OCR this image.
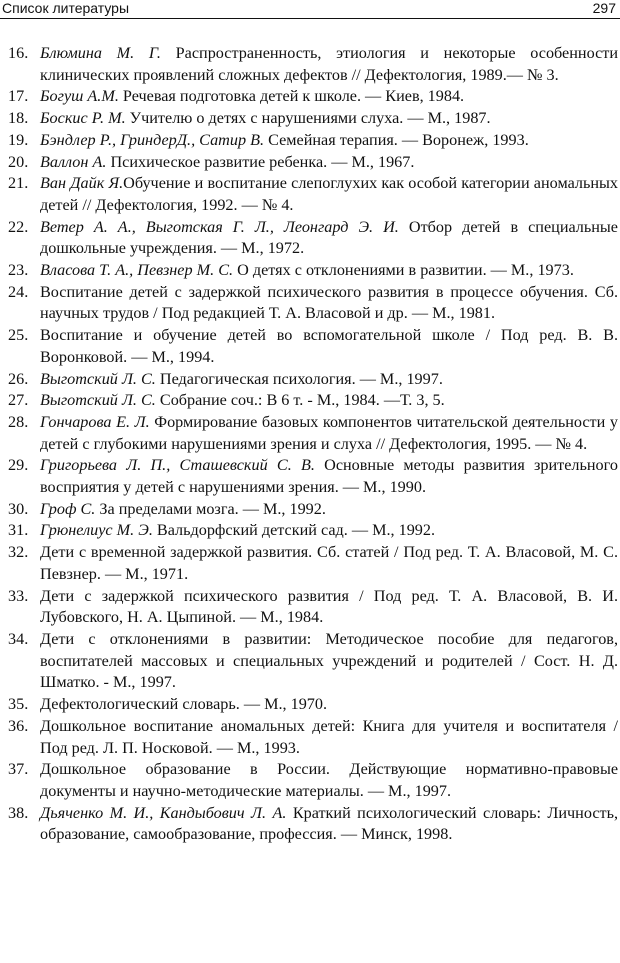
Список литературы	297
16. Блюмина М. Г. Распространенность, этиология и некоторые особенности клинических проявлений сложных дефектов // Дефектология, 1989.— № 3.
17. Богуш А.М. Речевая подготовка детей к школе. — Киев, 1984.
18. Боскис Р. М. Учителю о детях с нарушениями слуха. — М., 1987.
19. Бэндлер Р., ГриндерД., Сатир В. Семейная терапия. — Воронеж, 1993.
20. Валлон А. Психическое развитие ребенка. — М., 1967.
21. Ван Дайк Я.Обучение и воспитание слепоглухих как особой категории аномальных детей // Дефектология, 1992. — № 4.
22. Ветер А. А., Выготская Г. Л., Леонгард Э. И. Отбор детей в специальные дошкольные учреждения. — М., 1972.
23. Власова Т. А., Певзнер М. С. О детях с отклонениями в развитии. — М., 1973.
24. Воспитание детей с задержкой психического развития в процессе обучения. Сб. научных трудов / Под редакцией Т. А. Власовой и др. — М., 1981.
25. Воспитание и обучение детей во вспомогательной школе / Под ред. В. В. Воронковой. — М., 1994.
26. Выготский Л. С. Педагогическая психология. — М., 1997.
27. Выготский Л. С. Собрание соч.: В 6 т. - М., 1984. —Т. 3, 5.
28. Гончарова Е. Л. Формирование базовых компонентов читательской деятельности у детей с глубокими нарушениями зрения и слуха // Дефектология, 1995. — № 4.
29. Григорьева Л. П., Сташевский С. В. Основные методы развития зрительного восприятия у детей с нарушениями зрения. — М., 1990.
30. Гроф С. За пределами мозга. — М., 1992.
31. Грюнелиус М. Э. Вальдорфский детский сад. — М., 1992.
32. Дети с временной задержкой развития. Сб. статей / Под ред. Т. А. Власовой, М. С. Певзнер. — М., 1971.
33. Дети с задержкой психического развития / Под ред. Т. А. Власовой, В. И. Лубовского, Н. А. Цыпиной. — М., 1984.
34. Дети с отклонениями в развитии: Методическое пособие для педагогов, воспитателей массовых и специальных учреждений и родителей / Сост. Н. Д. Шматко. - М., 1997.
35. Дефектологический словарь. — М., 1970.
36. Дошкольное воспитание аномальных детей: Книга для учителя и воспитателя / Под ред. Л. П. Носковой. — М., 1993.
37. Дошкольное образование в России. Действующие нормативно-правовые документы и научно-методические материалы. — М., 1997.
38. Дьяченко М. И., Кандыбович Л. А. Краткий психологический словарь: Личность, образование, самообразование, профессия. — Минск, 1998.
